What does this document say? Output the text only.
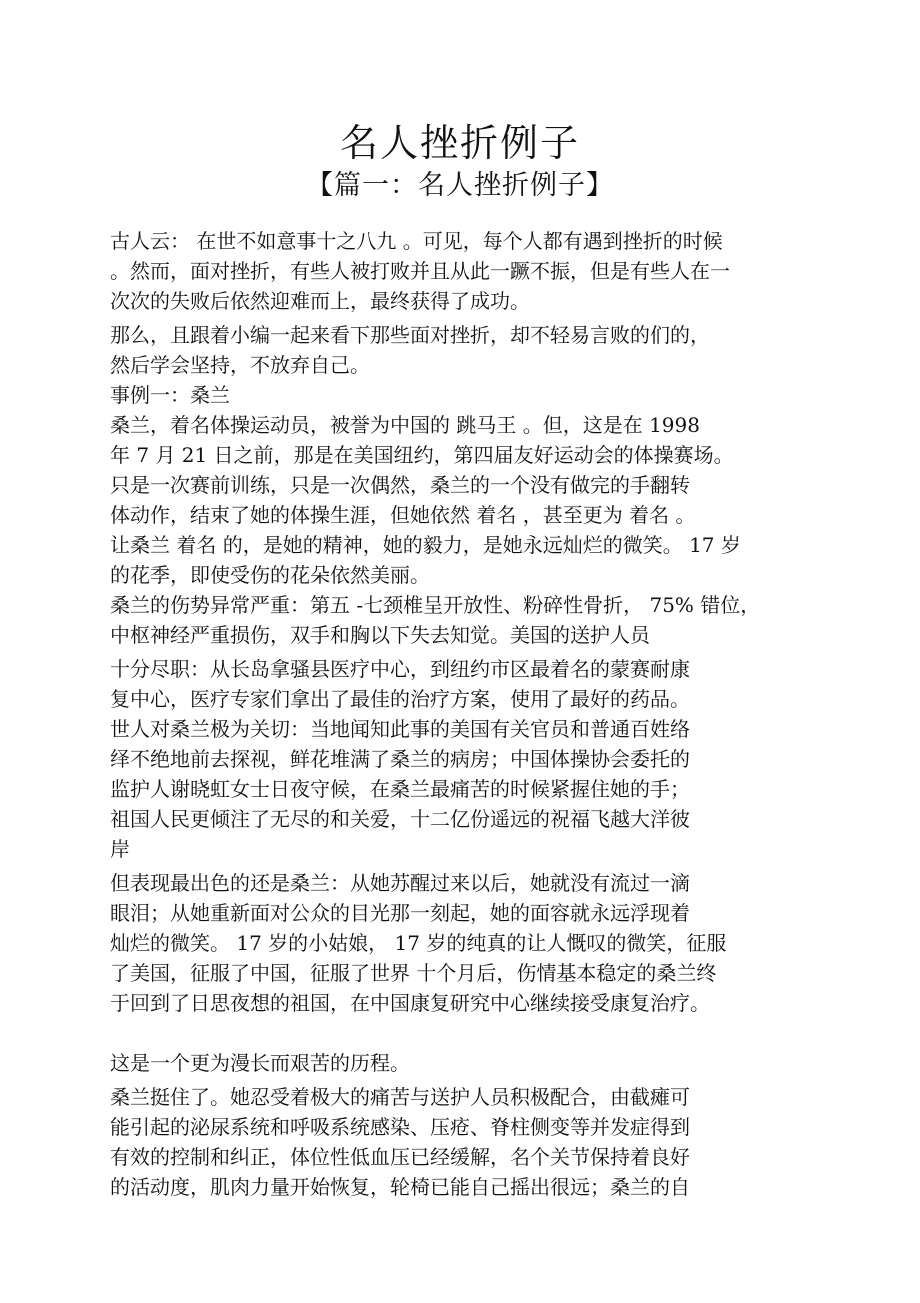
名人挫折例子
【篇一：名人挫折例子】
古人云： 在世不如意事十之八九 。可见，每个人都有遇到挫折的时候
。然而，面对挫折，有些人被打败并且从此一蹶不振，但是有些人在一
次次的失败后依然迎难而上，最终获得了成功。
那么，且跟着小编一起来看下那些面对挫折，却不轻易言败的们的，
然后学会坚持，不放弃自己。
事例一：桑兰
桑兰，着名体操运动员，被誉为中国的 跳马王 。但，这是在 1998
年 7 月 21 日之前，那是在美国纽约，第四届友好运动会的体操赛场。
只是一次赛前训练，只是一次偶然，桑兰的一个没有做完的手翻转
体动作，结束了她的体操生涯，但她依然 着名 ，甚至更为 着名 。
让桑兰 着名 的，是她的精神，她的毅力，是她永远灿烂的微笑。 17 岁
的花季，即使受伤的花朵依然美丽。
桑兰的伤势异常严重：第五 -七颈椎呈开放性、粉碎性骨折， 75% 错位，
中枢神经严重损伤，双手和胸以下失去知觉。美国的送护人员
十分尽职：从长岛拿骚县医疗中心，到纽约市区最着名的蒙赛耐康
复中心，医疗专家们拿出了最佳的治疗方案，使用了最好的药品。
世人对桑兰极为关切：当地闻知此事的美国有关官员和普通百姓络
绎不绝地前去探视，鲜花堆满了桑兰的病房；中国体操协会委托的
监护人谢晓虹女士日夜守候，在桑兰最痛苦的时候紧握住她的手；
祖国人民更倾注了无尽的和关爱，十二亿份遥远的祝福飞越大洋彼
岸
但表现最出色的还是桑兰：从她苏醒过来以后，她就没有流过一滴
眼泪；从她重新面对公众的目光那一刻起，她的面容就永远浮现着
灿烂的微笑。 17 岁的小姑娘， 17 岁的纯真的让人慨叹的微笑，征服
了美国，征服了中国，征服了世界 十个月后，伤情基本稳定的桑兰终
于回到了日思夜想的祖国，在中国康复研究中心继续接受康复治疗。
这是一个更为漫长而艰苦的历程。
桑兰挺住了。她忍受着极大的痛苦与送护人员积极配合，由截瘫可
能引起的泌尿系统和呼吸系统感染、压疮、脊柱侧变等并发症得到
有效的控制和纠正，体位性低血压已经缓解，名个关节保持着良好
的活动度，肌肉力量开始恢复，轮椅已能自己摇出很远；桑兰的自
